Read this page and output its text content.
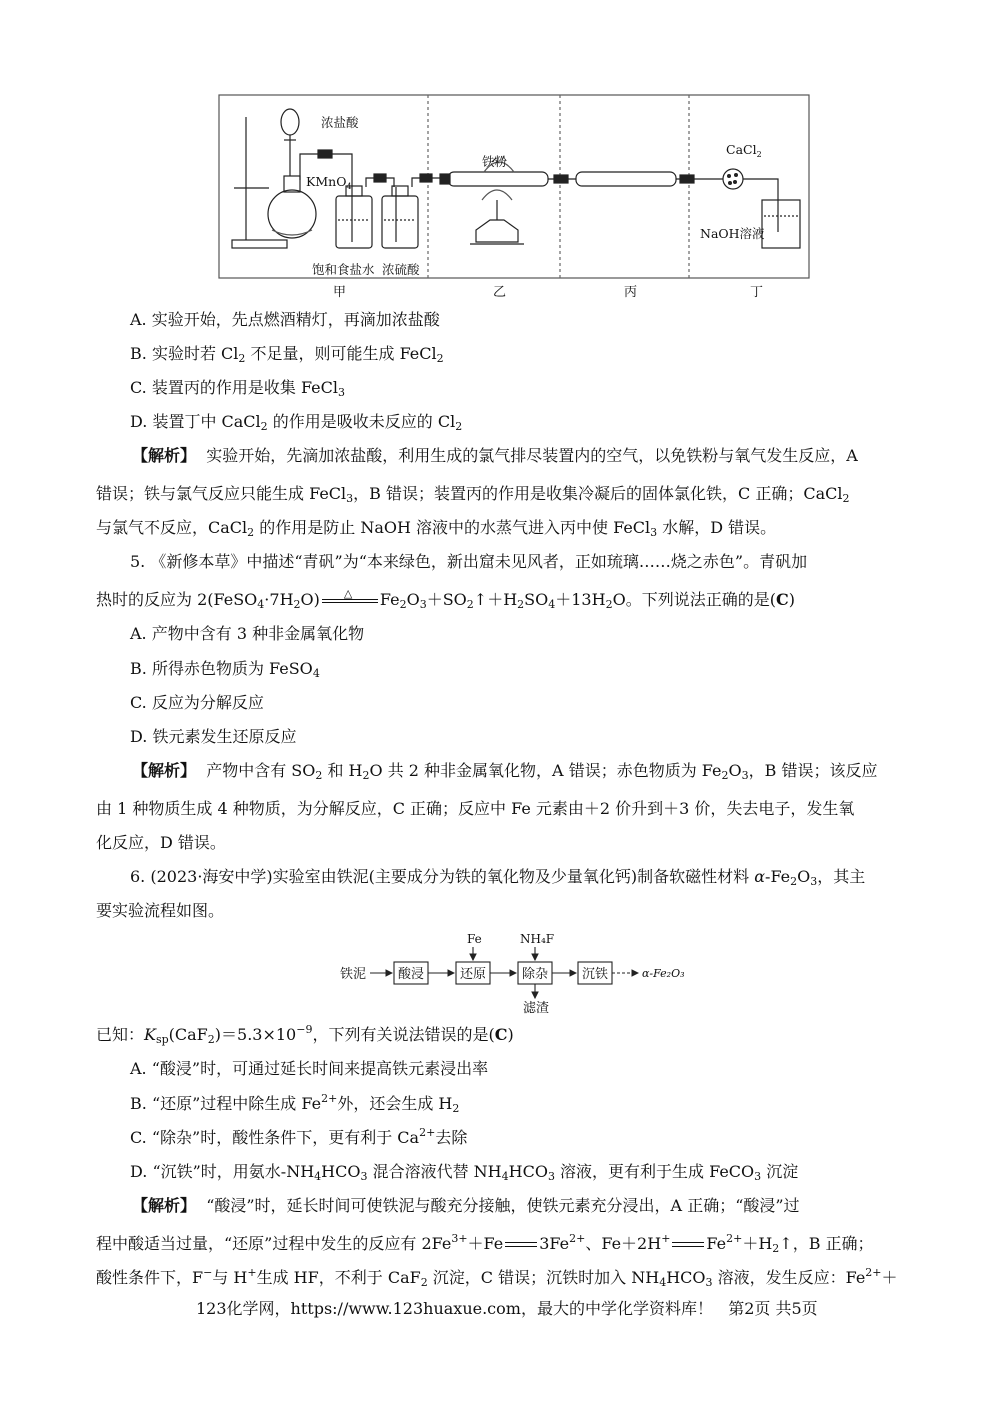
浓盐酸
KMnO$_4$
铁粉
CaCl$_2$
NaOH溶液
饱和食盐水 浓硫酸
甲	乙	丙	丁
A. 实验开始，先点燃酒精灯，再滴加浓盐酸
B. 实验时若 $Cl_2$ 不足量，则可能生成 FeCl$_2$
C. 装置丙的作用是收集 FeCl$_3$
D. 装置丁中 CaCl$_2$ 的作用是吸收未反应的 $Cl_2$
【解析】 实验开始，先滴加浓盐酸，利用生成的氯气排尽装置内的空气，以免铁粉与氧气发生反应，A
错误；铁与氯气反应只能生成 FeCl$_3$，B 错误；装置丙的作用是收集冷凝后的固体氯化铁，C 正确；CaCl$_2$
与氯气不反应，CaCl$_2$ 的作用是防止 NaOH 溶液中的水蒸气进入丙中使 FeCl$_3$ 水解，D 错误。
5. 《新修本草》中描述“青矾”为“本来绿色，新出窟未见风者，正如琉璃……烧之赤色”。青矾加
热时的反应为 $2(FeSO_4\cdot 7H_2O)$ △ $Fe_2O_3+SO_2↑+H_2SO_4+13H_2O$。下列说法正确的是(C)
A. 产物中含有 3 种非金属氧化物
B. 所得赤色物质为 FeSO$_4$
C. 反应为分解反应
D. 铁元素发生还原反应
【解析】 产物中含有 $SO_2$ 和 $H_2O$ 共 2 种非金属氧化物，A 错误；赤色物质为 $Fe_2O_3$，B 错误；该反应
由 1 种物质生成 4 种物质，为分解反应，C 正确；反应中 Fe 元素由＋2 价升到＋3 价，失去电子，发生氧
化反应，D 错误。
6. (2023·海安中学)实验室由铁泥(主要成分为铁的氧化物及少量氧化钙)制备软磁性材料 $\alpha-Fe_2O_3$，其主
要实验流程如图。
铁泥
Fe	NH₄F
滤渣
α-Fe₂O₃
酸浸	还原	除杂	沉铁
已知：$K_{sp}(CaF_2)=5.3\times 10^{-9}$，下列有关说法错误的是(C)
A. “酸浸”时，可通过延长时间来提高铁元素浸出率
B. “还原”过程中除生成 $Fe^{2+}$外，还会生成 $H_2$
C. “除杂”时，酸性条件下，更有利于 $Ca^{2+}$去除
D. “沉铁”时，用氨水$-NH_4HCO_3$ 混合溶液代替 $NH_4HCO_3$ 溶液，更有利于生成 FeCO$_3$ 沉淀
【解析】 “酸浸”时，延长时间可使铁泥与酸充分接触，使铁元素充分浸出，A 正确；“酸浸”过
程中酸适当过量，“还原”过程中发生的反应有 $2Fe^{3+}+Fe$ $3Fe^{2+}$、Fe＋2H+ $Fe^{2+}+H_2↑$，B 正确；
酸性条件下，F−与 H+生成 HF，不利于 CaF$_2$ 沉淀，C 错误；沉铁时加入 $NH_4HCO_3$ 溶液，发生反应：$Fe^{2+}+$
123化学网，https://www.123huaxue.com，最大的中学化学资料库！ 第2页 共5页
